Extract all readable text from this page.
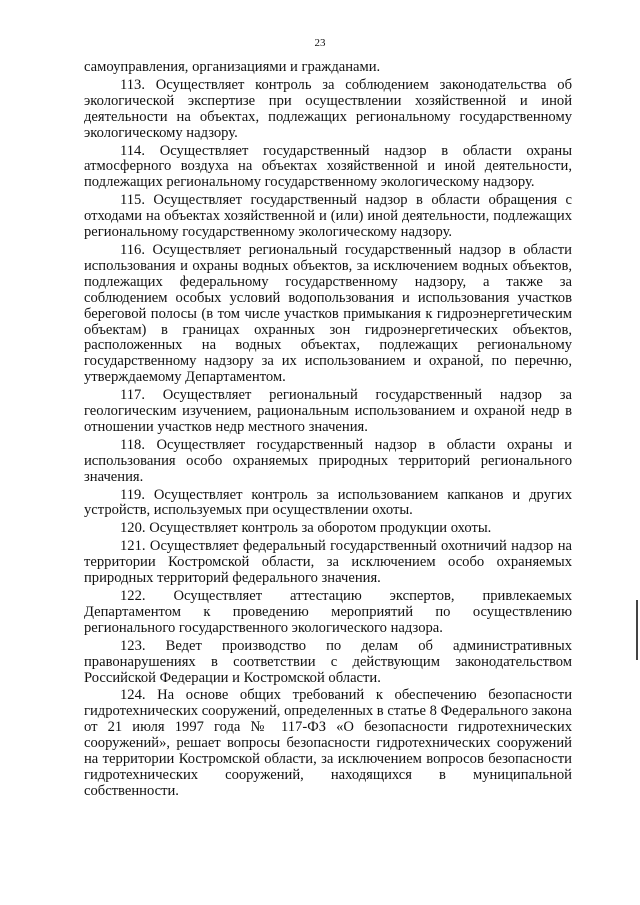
23

самоуправления, организациями и гражданами.

113. Осуществляет контроль за соблюдением законодательства об экологической экспертизе при осуществлении хозяйственной и иной деятельности на объектах, подлежащих региональному государственному экологическому надзору.

114. Осуществляет государственный надзор в области охраны атмосферного воздуха на объектах хозяйственной и иной деятельности, подлежащих региональному государственному экологическому надзору.

115. Осуществляет государственный надзор в области обращения с отходами на объектах хозяйственной и (или) иной деятельности, подлежащих региональному государственному экологическому надзору.

116. Осуществляет региональный государственный надзор в области использования и охраны водных объектов, за исключением водных объектов, подлежащих федеральному государственному надзору, а также за соблюдением особых условий водопользования и использования участков береговой полосы (в том числе участков примыкания к гидроэнергетическим объектам) в границах охранных зон гидроэнергетических объектов, расположенных на водных объектах, подлежащих региональному государственному надзору за их использованием и охраной, по перечню, утверждаемому Департаментом.

117. Осуществляет региональный государственный надзор за геологическим изучением, рациональным использованием и охраной недр в отношении участков недр местного значения.

118. Осуществляет государственный надзор в области охраны и использования особо охраняемых природных территорий регионального значения.

119. Осуществляет контроль за использованием капканов и других устройств, используемых при осуществлении охоты.

120. Осуществляет контроль за оборотом продукции охоты.

121. Осуществляет федеральный государственный охотничий надзор на территории Костромской области, за исключением особо охраняемых природных территорий федерального значения.

122. Осуществляет аттестацию экспертов, привлекаемых Департаментом к проведению мероприятий по осуществлению регионального государственного экологического надзора.

123. Ведет производство по делам об административных правонарушениях в соответствии с действующим законодательством Российской Федерации и Костромской области.

124. На основе общих требований к обеспечению безопасности гидротехнических сооружений, определенных в статье 8 Федерального закона от 21 июля 1997 года № 117-ФЗ «О безопасности гидротехнических сооружений», решает вопросы безопасности гидротехнических сооружений на территории Костромской области, за исключением вопросов безопасности гидротехнических сооружений, находящихся в муниципальной собственности.
